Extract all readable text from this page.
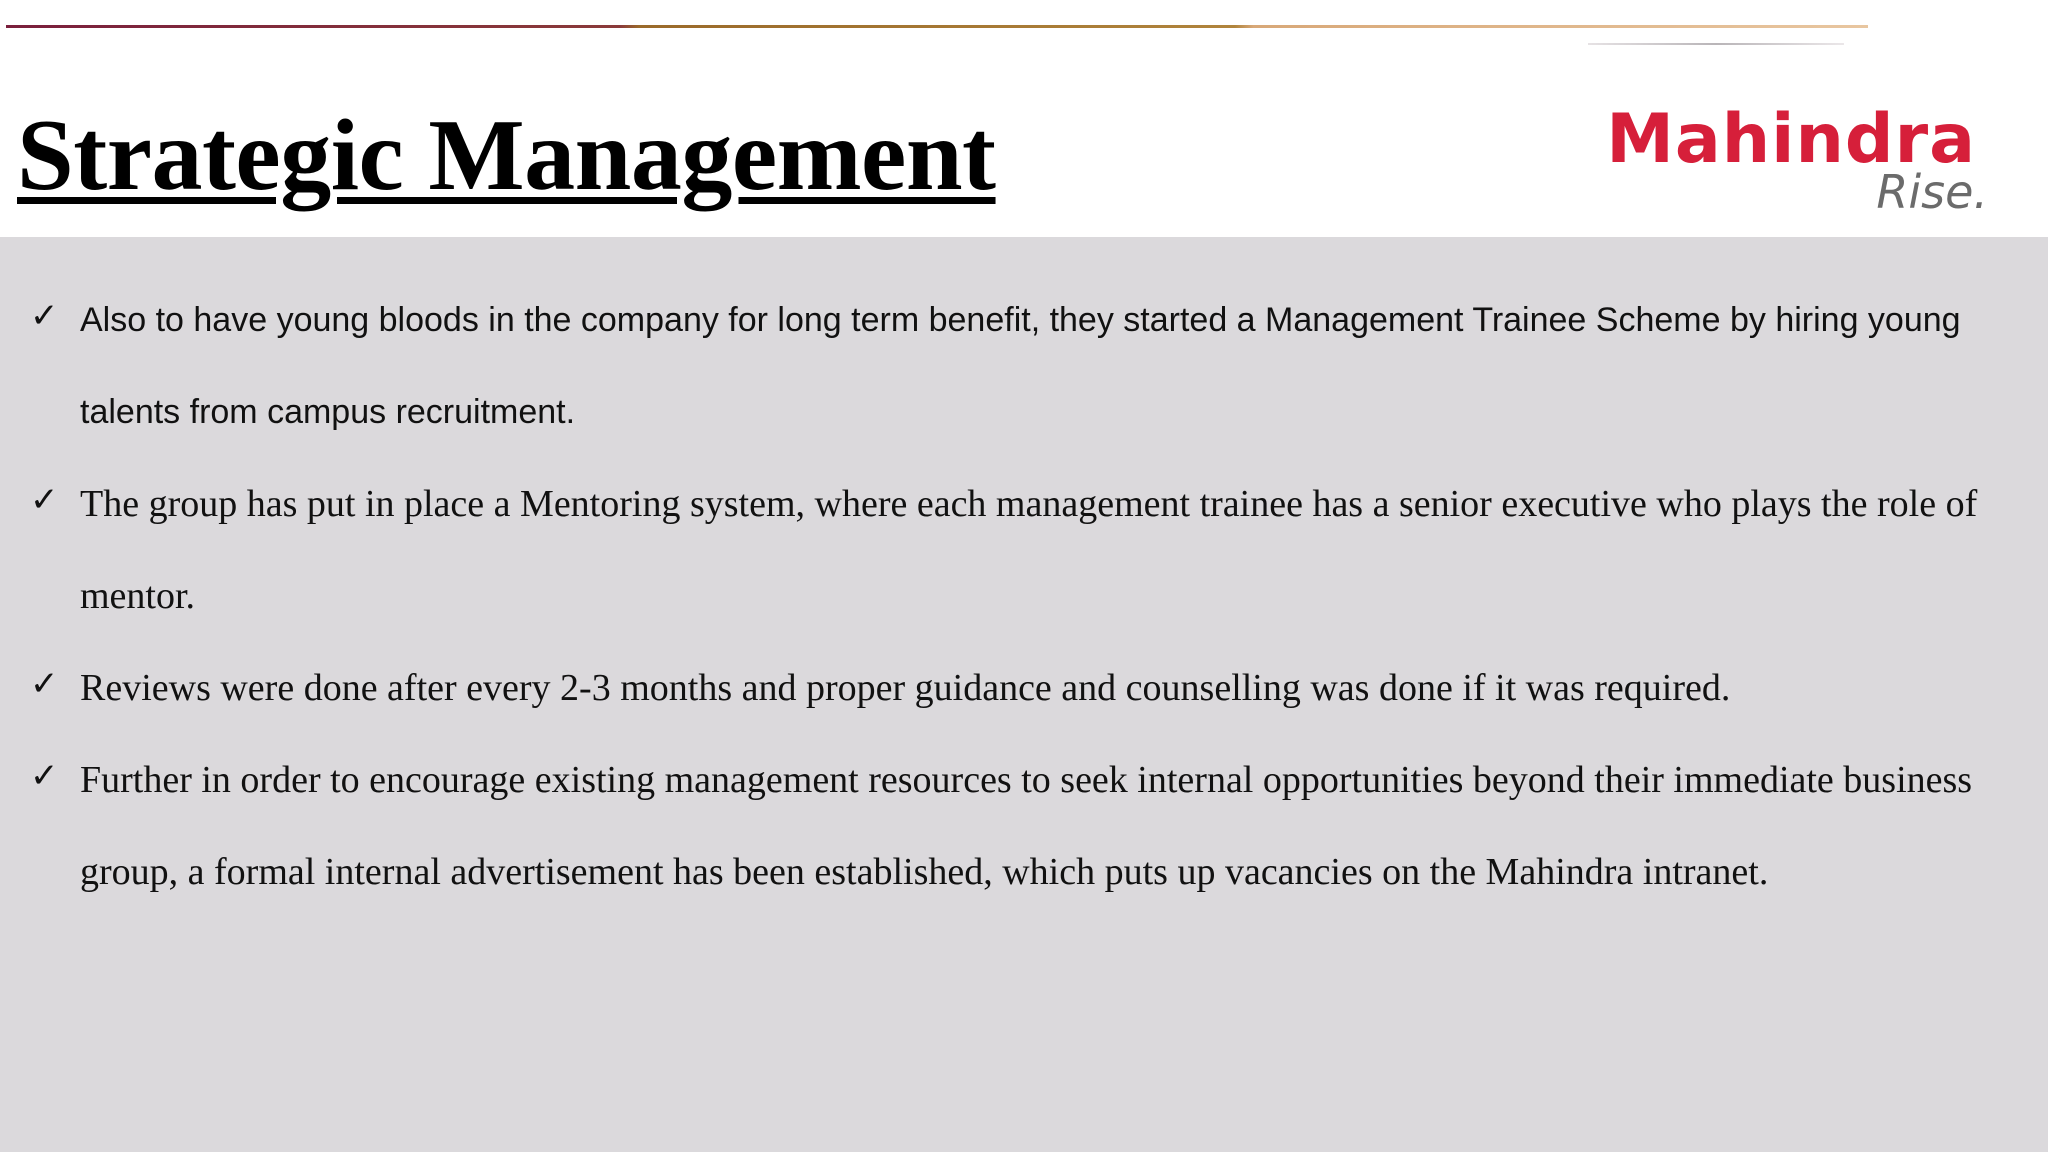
Strategic Management	Mahindra
Rise.
✓ Also to have young bloods in the company for long term benefit, they started a Management Trainee Scheme by hiring young talents from campus recruitment.
✓ The group has put in place a Mentoring system, where each management trainee has a senior executive who plays the role of mentor.
✓ Reviews were done after every 2-3 months and proper guidance and counselling was done if it was required.
✓ Further in order to encourage existing management resources to seek internal opportunities beyond their immediate business group, a formal internal advertisement has been established, which puts up vacancies on the Mahindra intranet.
